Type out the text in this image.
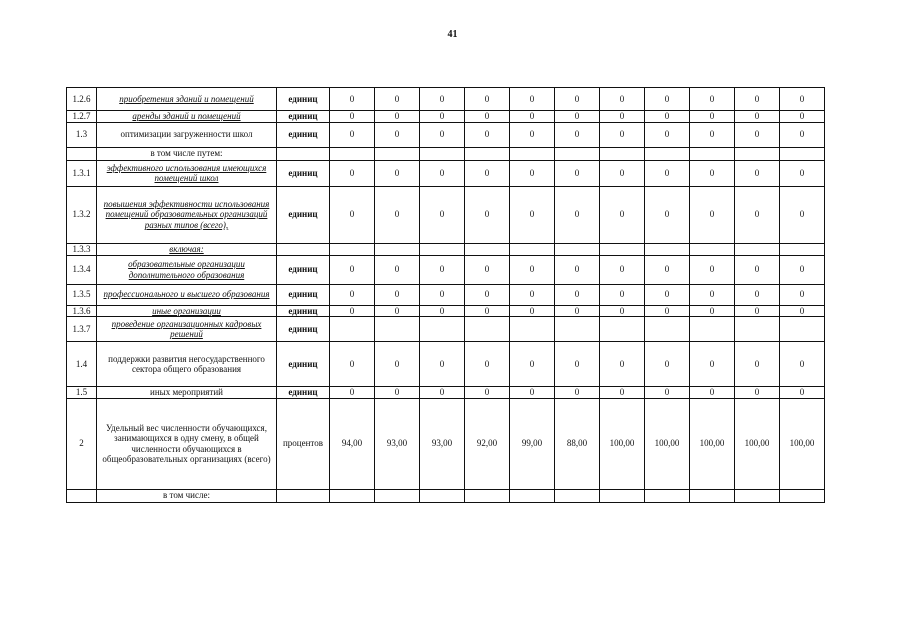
41
1.2.6	приобретения зданий и помещений	единиц	0	0	0	0	0	0	0	0	0	0	0
1.2.7	аренды зданий и помещений	единиц	0	0	0	0	0	0	0	0	0	0	0
1.3	оптимизации загруженности школ	единиц	0	0	0	0	0	0	0	0	0	0	0
	в том числе путем:												
1.3.1	эффективного использования имеющихся помещений школ	единиц	0	0	0	0	0	0	0	0	0	0	0
1.3.2	повышения эффективности использования помещений образовательных организаций разных типов (всего),	единиц	0	0	0	0	0	0	0	0	0	0	0
1.3.3	включая:												
1.3.4	образовательные организации дополнительного образования	единиц	0	0	0	0	0	0	0	0	0	0	0
1.3.5	профессионального и высшего образования	единиц	0	0	0	0	0	0	0	0	0	0	0
1.3.6	иные организации	единиц	0	0	0	0	0	0	0	0	0	0	0
1.3.7	проведение организационных кадровых решений	единиц											
1.4	поддержки развития негосударственного сектора общего образования	единиц	0	0	0	0	0	0	0	0	0	0	0
1.5	иных мероприятий	единиц	0	0	0	0	0	0	0	0	0	0	0
2	Удельный вес численности обучающихся, занимающихся в одну смену, в общей численности обучающихся в общеобразовательных организациях (всего)	процентов	94,00	93,00	93,00	92,00	99,00	88,00	100,00	100,00	100,00	100,00	100,00
	в том числе:												
